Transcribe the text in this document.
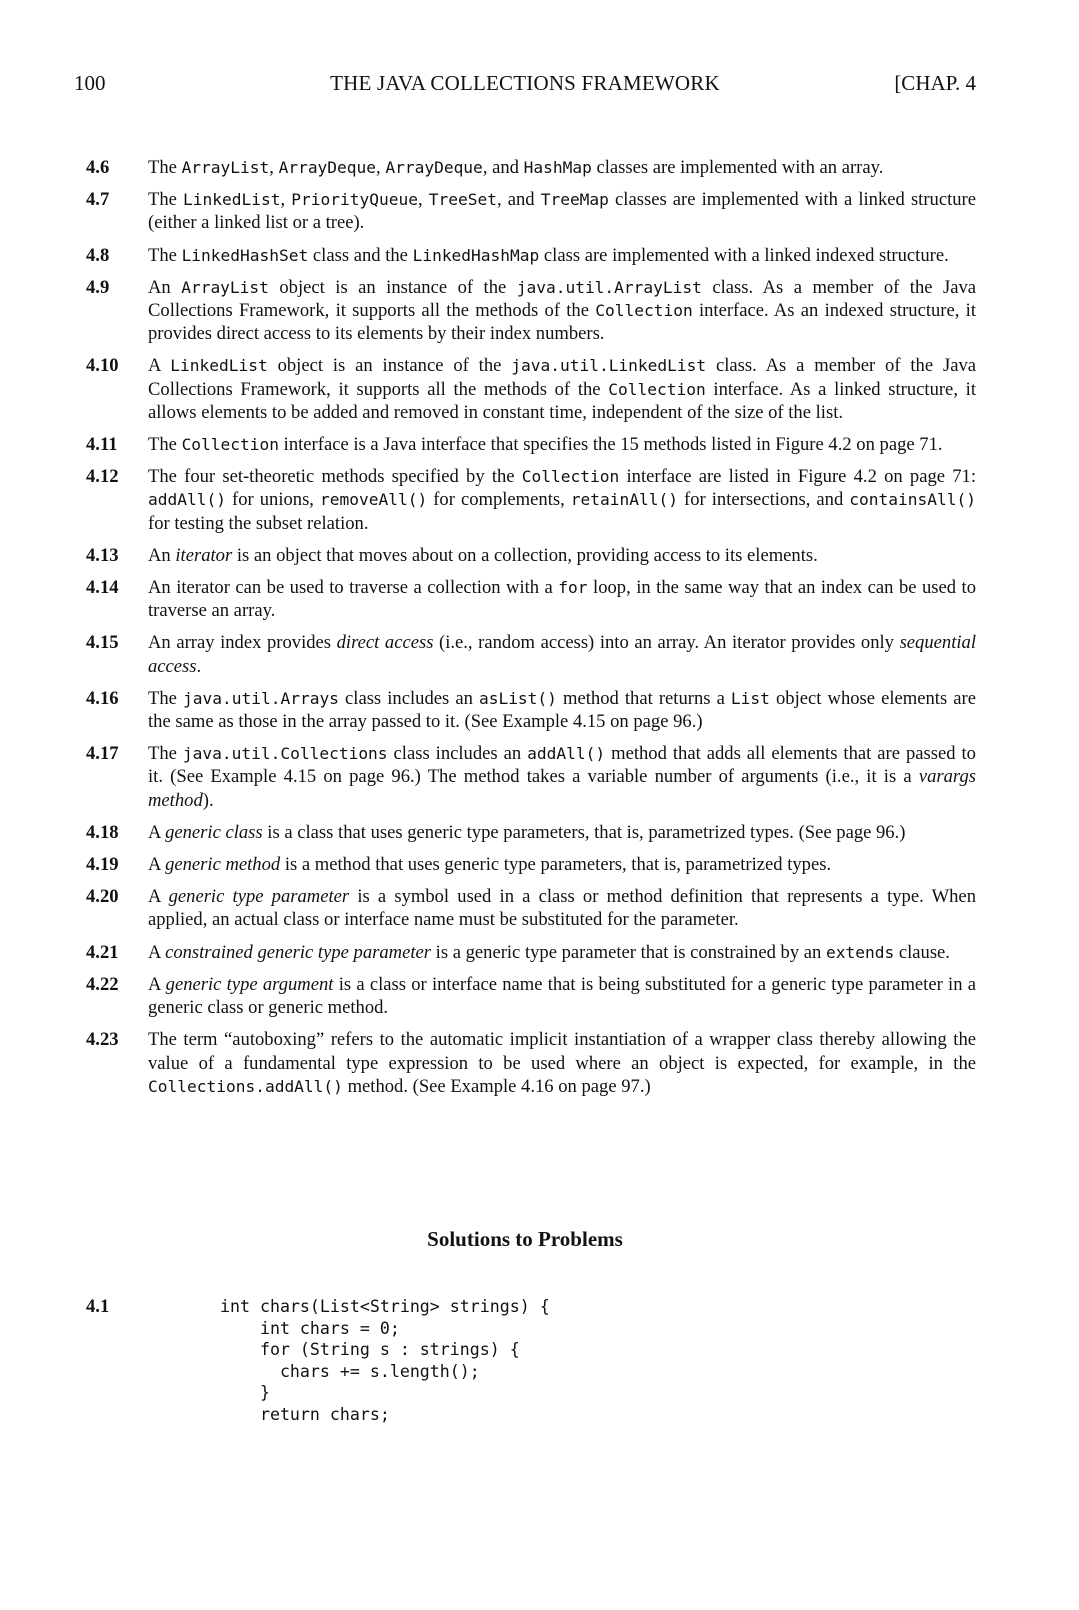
100	THE JAVA COLLECTIONS FRAMEWORK	[CHAP. 4
4.6 The ArrayList, ArrayDeque, ArrayDeque, and HashMap classes are implemented with an array.
4.7 The LinkedList, PriorityQueue, TreeSet, and TreeMap classes are implemented with a linked structure (either a linked list or a tree).
4.8 The LinkedHashSet class and the LinkedHashMap class are implemented with a linked indexed structure.
4.9 An ArrayList object is an instance of the java.util.ArrayList class. As a member of the Java Collections Framework, it supports all the methods of the Collection interface. As an indexed structure, it provides direct access to its elements by their index numbers.
4.10 A LinkedList object is an instance of the java.util.LinkedList class. As a member of the Java Collections Framework, it supports all the methods of the Collection interface. As a linked structure, it allows elements to be added and removed in constant time, independent of the size of the list.
4.11 The Collection interface is a Java interface that specifies the 15 methods listed in Figure 4.2 on page 71.
4.12 The four set-theoretic methods specified by the Collection interface are listed in Figure 4.2 on page 71: addAll() for unions, removeAll() for complements, retainAll() for intersections, and containsAll() for testing the subset relation.
4.13 An iterator is an object that moves about on a collection, providing access to its elements.
4.14 An iterator can be used to traverse a collection with a for loop, in the same way that an index can be used to traverse an array.
4.15 An array index provides direct access (i.e., random access) into an array. An iterator provides only sequential access.
4.16 The java.util.Arrays class includes an asList() method that returns a List object whose elements are the same as those in the array passed to it. (See Example 4.15 on page 96.)
4.17 The java.util.Collections class includes an addAll() method that adds all elements that are passed to it. (See Example 4.15 on page 96.) The method takes a variable number of arguments (i.e., it is a varargs method).
4.18 A generic class is a class that uses generic type parameters, that is, parametrized types. (See page 96.)
4.19 A generic method is a method that uses generic type parameters, that is, parametrized types.
4.20 A generic type parameter is a symbol used in a class or method definition that represents a type. When applied, an actual class or interface name must be substituted for the parameter.
4.21 A constrained generic type parameter is a generic type parameter that is constrained by an extends clause.
4.22 A generic type argument is a class or interface name that is being substituted for a generic type parameter in a generic class or generic method.
4.23 The term “autoboxing” refers to the automatic implicit instantiation of a wrapper class thereby allowing the value of a fundamental type expression to be used where an object is expected, for example, in the Collections.addAll() method. (See Example 4.16 on page 97.)
Solutions to Problems
4.1	int chars(List<String> strings) {
int chars = 0;
for (String s : strings) {
chars += s.length();
}
return chars;
